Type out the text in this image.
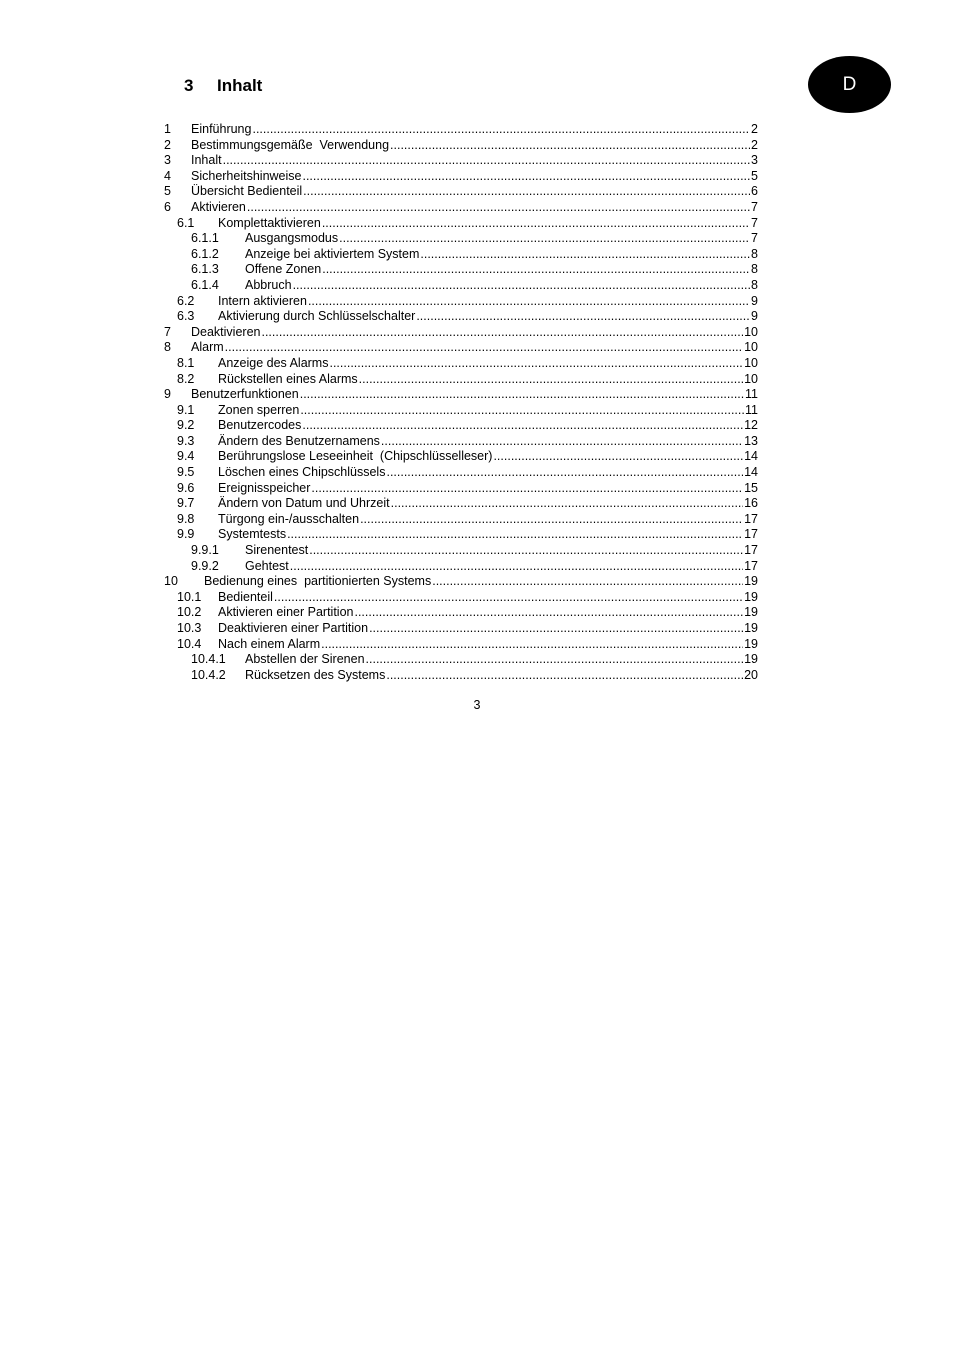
3 Inhalt	D
1 Einführung .....	2
2 Bestimmungsgemäße  Verwendung .....	2
3 Inhalt .....	3
4 Sicherheitshinweise .....	5
5 Übersicht Bedienteil .....	6
6 Aktivieren .....	7
6.1 Komplettaktivieren .....	7
6.1.1 Ausgangsmodus .....	7
6.1.2 Anzeige bei aktiviertem System .....	8
6.1.3 Offene Zonen .....	8
6.1.4 Abbruch .....	8
6.2 Intern aktivieren .....	9
6.3 Aktivierung durch Schlüsselschalter .....	9
7 Deaktivieren .....	10
8 Alarm .....	10
8.1 Anzeige des Alarms .....	10
8.2 Rückstellen eines Alarms .....	10
9 Benutzerfunktionen .....	11
9.1 Zonen sperren .....	11
9.2 Benutzercodes .....	12
9.3 Ändern des Benutzernamens .....	13
9.4 Berührungslose Leseeinheit  (Chipschlüsselleser) .....	14
9.5 Löschen eines Chipschlüssels .....	14
9.6 Ereignisspeicher .....	15
9.7 Ändern von Datum und Uhrzeit .....	16
9.8 Türgong ein-/ausschalten .....	17
9.9 Systemtests .....	17
9.9.1 Sirenentest .....	17
9.9.2 Gehtest .....	17
10 Bedienung eines  partitionierten Systems .....	19
10.1 Bedienteil .....	19
10.2 Aktivieren einer Partition .....	19
10.3 Deaktivieren einer Partition .....	19
10.4 Nach einem Alarm .....	19
10.4.1 Abstellen der Sirenen .....	19
10.4.2 Rücksetzen des Systems .....	20
3
